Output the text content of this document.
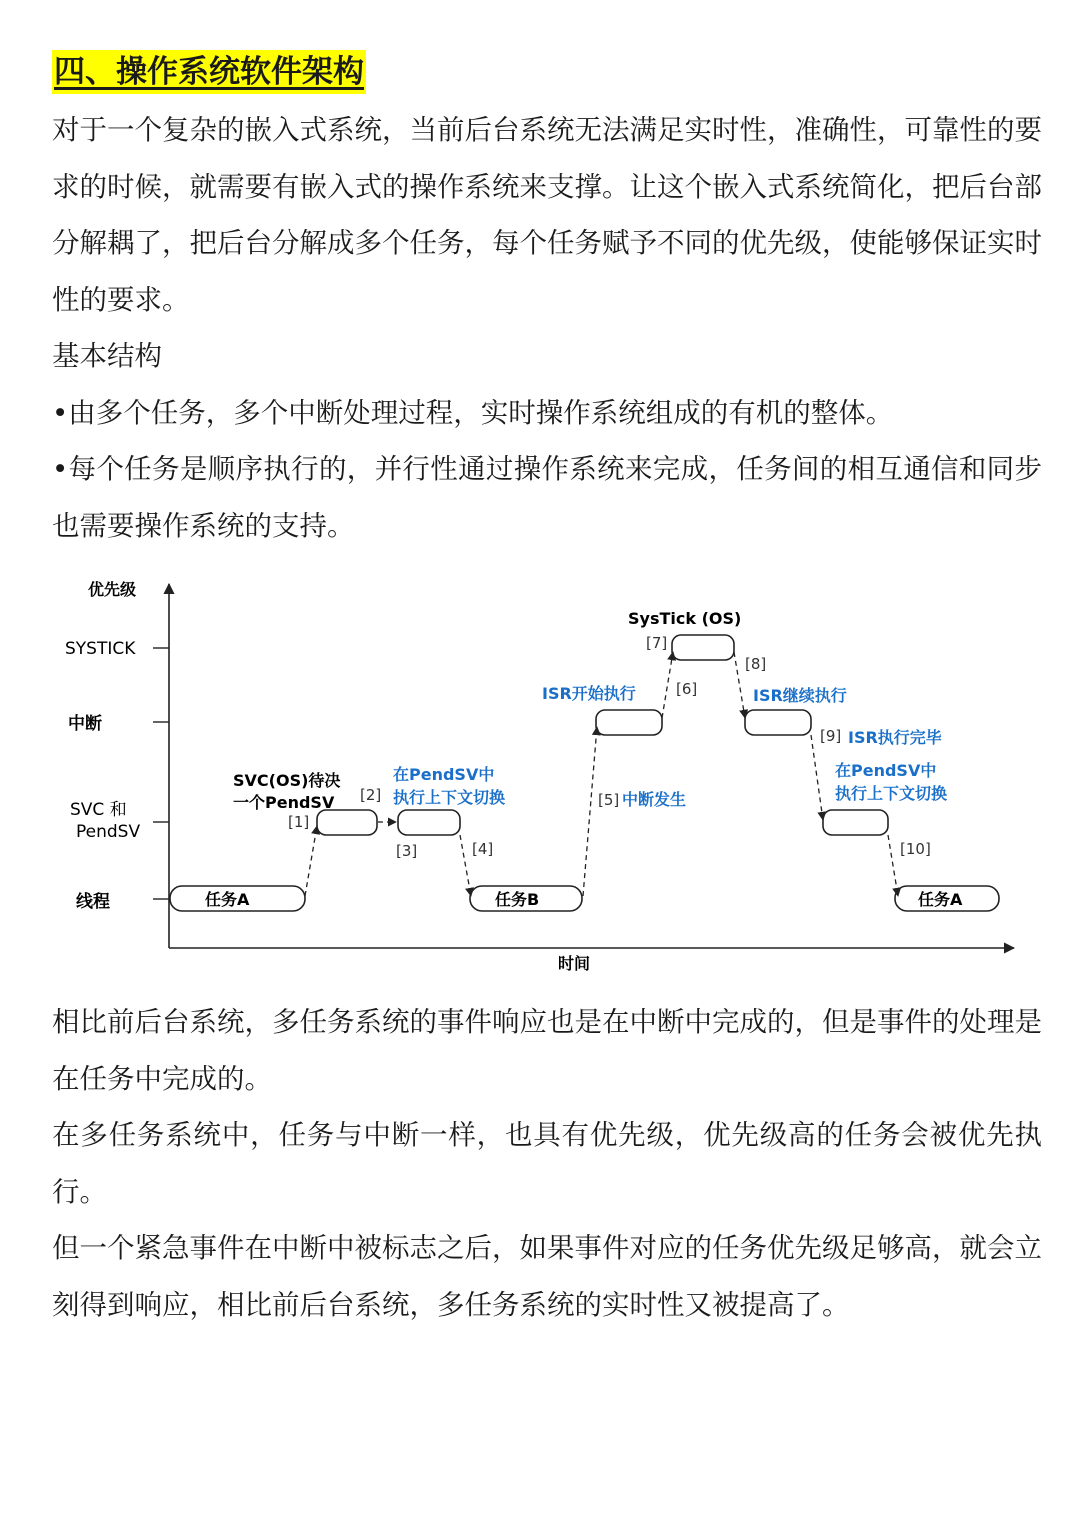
四、操作系统软件架构

对于一个复杂的嵌入式系统，当前后台系统无法满足实时性，准确性，可靠性的要求的时候，就需要有嵌入式的操作系统来支撑。让这个嵌入式系统简化，把后台部分解耦了，把后台分解成多个任务，每个任务赋予不同的优先级，使能够保证实时性的要求。

基本结构

•由多个任务，多个中断处理过程，实时操作系统组成的有机的整体。

•每个任务是顺序执行的，并行性通过操作系统来完成，任务间的相互通信和同步也需要操作系统的支持。

优先级
时间
SYSTICK
中断
SVC 和
PendSV
线程	任务A	任务B	任务A
[1]
[2]
[3]	[4]
[5]
[6]
[7]
[8]
[9]
[10]
SVC(OS)待决
一个PendSV
在PendSV中
执行上下文切换	中断发生
ISR开始执行
SysTick (OS)
ISR继续执行
ISR执行完毕
在PendSV中
执行上下文切换

相比前后台系统，多任务系统的事件响应也是在中断中完成的，但是事件的处理是在任务中完成的。

在多任务系统中，任务与中断一样，也具有优先级，优先级高的任务会被优先执行。

但一个紧急事件在中断中被标志之后，如果事件对应的任务优先级足够高，就会立刻得到响应，相比前后台系统，多任务系统的实时性又被提高了。
